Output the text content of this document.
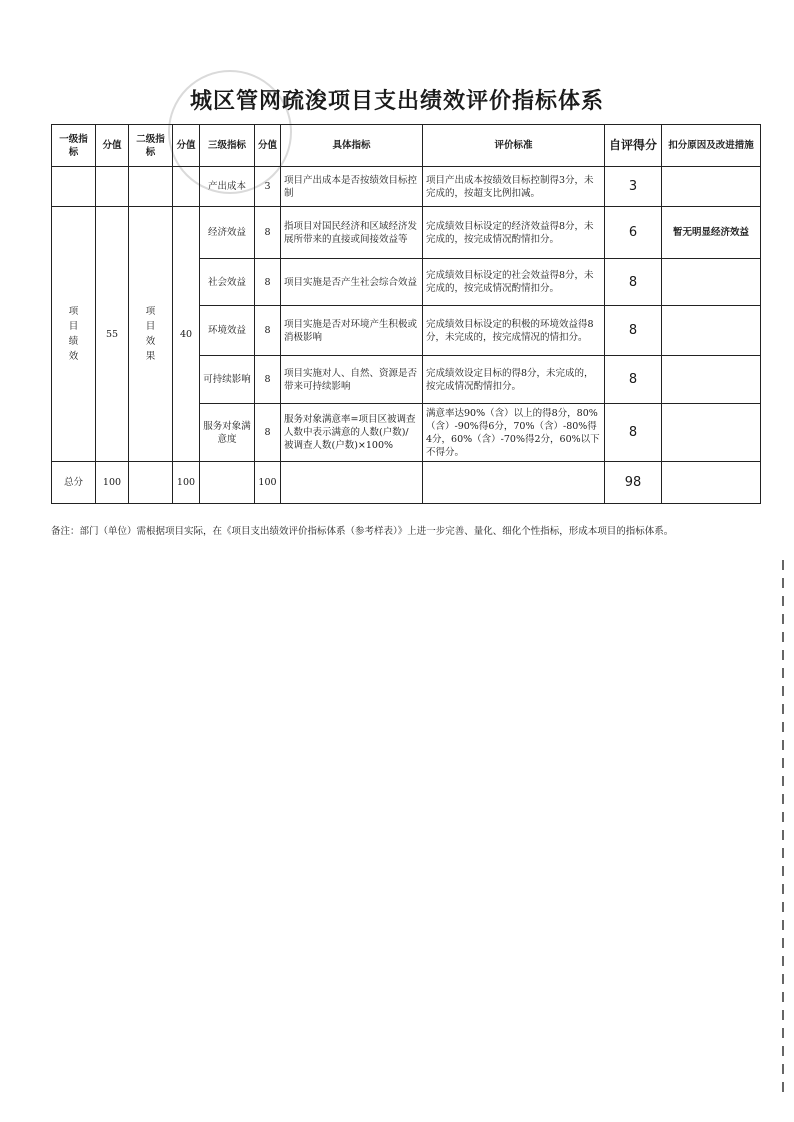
城区管网疏浚项目支出绩效评价指标体系
一级指标	分值	二级指标	分值	三级指标	分值	具体指标	评价标准	自评得分	扣分原因及改进措施
				产出成本	3	项目产出成本是否按绩效目标控制	项目产出成本按绩效目标控制得3分，未完成的，按超支比例扣减。	3	
项目绩效	55	项目效果	40	经济效益	8	指项目对国民经济和区域经济发展所带来的直接或间接效益等	完成绩效目标设定的经济效益得8分，未完成的，按完成情况酌情扣分。	6	暂无明显经济效益
				社会效益	8	项目实施是否产生社会综合效益	完成绩效目标设定的社会效益得8分，未完成的，按完成情况酌情扣分。	8	
				环境效益	8	项目实施是否对环境产生积极或消极影响	完成绩效目标设定的积极的环境效益得8分，未完成的，按完成情况的情扣分。	8	
				可持续影响	8	项目实施对人、自然、资源是否带来可持续影响	完成绩效设定目标的得8分，未完成的，按完成情况酌情扣分。	8	
				服务对象满意度	8	服务对象满意率=项目区被调查人数中表示满意的人数(户数)/ 被调查人数(户数)×100%	满意率达90%（含）以上的得8分，80%（含）-90%得6分，70%（含）-80%得4分，60%（含）-70%得2分，60%以下不得分。	8	
总分	100		100		100			98	
备注：部门（单位）需根据项目实际，在《项目支出绩效评价指标体系（参考样表）》上进一步完善、量化、细化个性指标，形成本项目的指标体系。
